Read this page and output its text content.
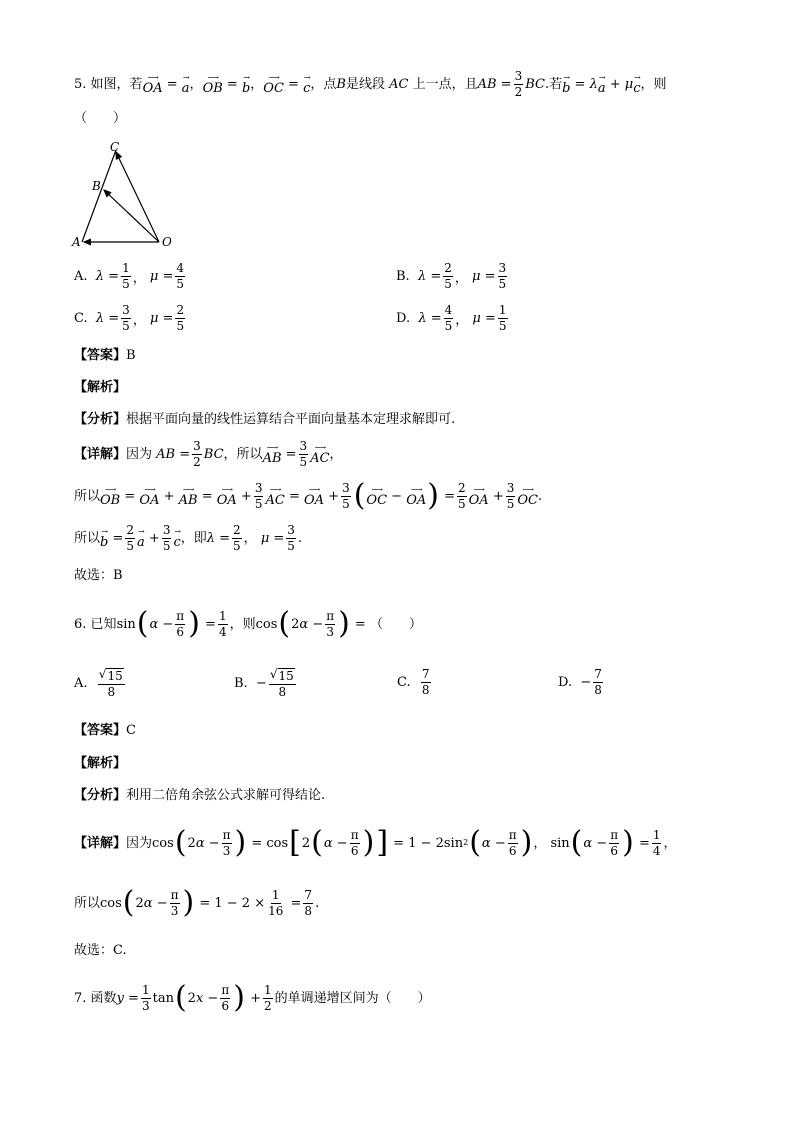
5.
如图，若 ⟶
OA = →
a ， ⟶
OB = →
b ， ⟶
OC = →
c ，点 B 是线段 AC 上一点，且 AB = $\frac{3}{2}$ BC .若 →
b = λ →
a + μ →
c ，则
（　　）
C
B
A	O
A.
$\lambda = \frac{1}{5}$ ， $\mu = \frac{4}{5}$	B.
$\lambda = \frac{2}{5}$ ， $\mu = \frac{3}{5}$
C.
$\lambda = \frac{3}{5}$ ， $\mu = \frac{2}{5}$	D.
$\lambda = \frac{4}{5}$ ， $\mu = \frac{1}{5}$
【答案】 B
【解析】
【分析】 根据平面向量的线性运算结合平面向量基本定理求解即可.
【详解】 因为
AB = $\frac{3}{2}$ BC ，所以 ⟶
AB = $\frac{3}{5}$ ⟶
AC ，
所以 ⟶
OB = ⟶
OA + ⟶
AB = ⟶
OA + $\frac{3}{5}$ ⟶
AC = ⟶
OA + $\frac{3}{5}$ ( ⟶
OC − ⟶
OA ) = $\frac{2}{5}$ ⟶
OA + $\frac{3}{5}$ ⟶
OC .
所以 →
$b = \frac{2}{5}$ →
$a + \frac{3}{5}$ →
c ，即 $\lambda = \frac{2}{5}$ ， $\mu = \frac{3}{5}$ .
故选：B
6.
已知 sin ( $\alpha - \frac{\pi}{6}$ ) = $\frac{1}{4}$ ，则 cos ( 2 $\alpha - \frac{\pi}{3}$ ) = （　　）
A.
$\frac{√ 15}{8}$	B.
− $\frac{√ 15}{8}$	C.
$\frac{7}{8}$	D.
− $\frac{7}{8}$
【答案】 C
【解析】
【分析】 利用二倍角余弦公式求解可得结论.
【详解】 因为 cos ( 2 $\alpha - \frac{\pi}{3}$ ) = cos [ 2 ( $\alpha - \frac{\pi}{6}$ ) ] = 1 − 2sin 2 ( $\alpha - \frac{\pi}{6}$ ) ， sin ( $\alpha - \frac{\pi}{6}$ ) = $\frac{1}{4}$ ，
所以 cos ( 2 $\alpha - \frac{\pi}{3}$ ) = $1 - 2 \times \frac{1}{16} = \frac{7}{8}$ .
故选：C.
7.
函数 $y = \frac{1}{3}$ tan ( 2 $x - \frac{\pi}{6}$ ) + $\frac{1}{2}$ 的单调递增区间为 （　　）
